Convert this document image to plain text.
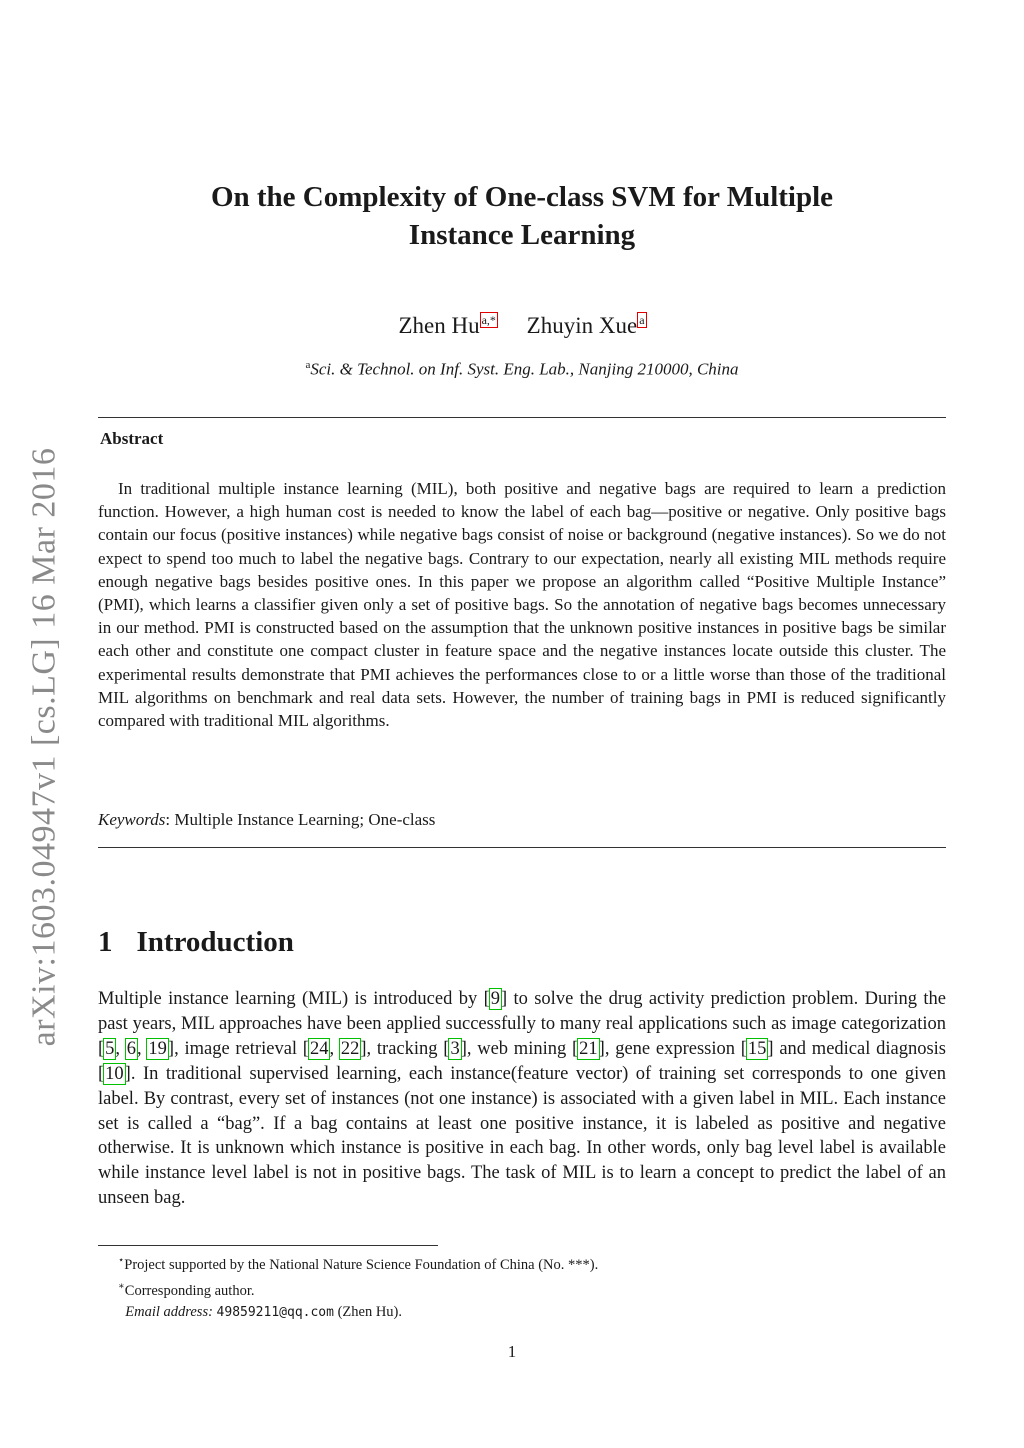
arXiv:1603.04947v1 [cs.LG] 16 Mar 2016
On the Complexity of One-class SVM for Multiple
Instance Learning
Zhen Hu $^{a,*}$ Zhuyin Xue $^a$
$^a$Sci. & Technol. on Inf. Syst. Eng. Lab., Nanjing 210000, China
Abstract

In traditional multiple instance learning (MIL), both positive and negative bags are required to learn a prediction function. However, a high human cost is needed to know the label of each bag—positive or negative. Only positive bags contain our focus (positive instances) while negative bags consist of noise or background (negative instances). So we do not expect to spend too much to label the negative bags. Contrary to our expectation, nearly all existing MIL methods require enough negative bags besides positive ones. In this paper we propose an algorithm called “Positive Multiple Instance” (PMI), which learns a classifier given only a set of positive bags. So the annotation of negative bags becomes unnecessary in our method. PMI is constructed based on the assumption that the unknown positive instances in positive bags be similar each other and constitute one compact cluster in feature space and the negative instances locate outside this cluster. The experimental results demonstrate that PMI achieves the performances close to or a little worse than those of the traditional MIL algorithms on benchmark and real data sets. However, the number of training bags in PMI is reduced significantly compared with traditional MIL algorithms.

Keywords: Multiple Instance Learning; One-class
1 Introduction

Multiple instance learning (MIL) is introduced by [9] to solve the drug activity prediction problem. During the past years, MIL approaches have been applied successfully to many real applications such as image categorization [5, 6, 19], image retrieval [24, 22], tracking [3], web mining [21], gene expression [15] and medical diagnosis [10]. In traditional supervised learning, each instance(feature vector) of training set corresponds to one given label. By contrast, every set of instances (not one instance) is associated with a given label in MIL. Each instance set is called a “bag”. If a bag contains at least one positive instance, it is labeled as positive and negative otherwise. It is unknown which instance is positive in each bag. In other words, only bag level label is available while instance level label is not in positive bags. The task of MIL is to learn a concept to predict the label of an unseen bag.

⋆Project supported by the National Nature Science Foundation of China (No. ***).
∗Corresponding author.
Email address: 49859211@qq.com (Zhen Hu).
1
